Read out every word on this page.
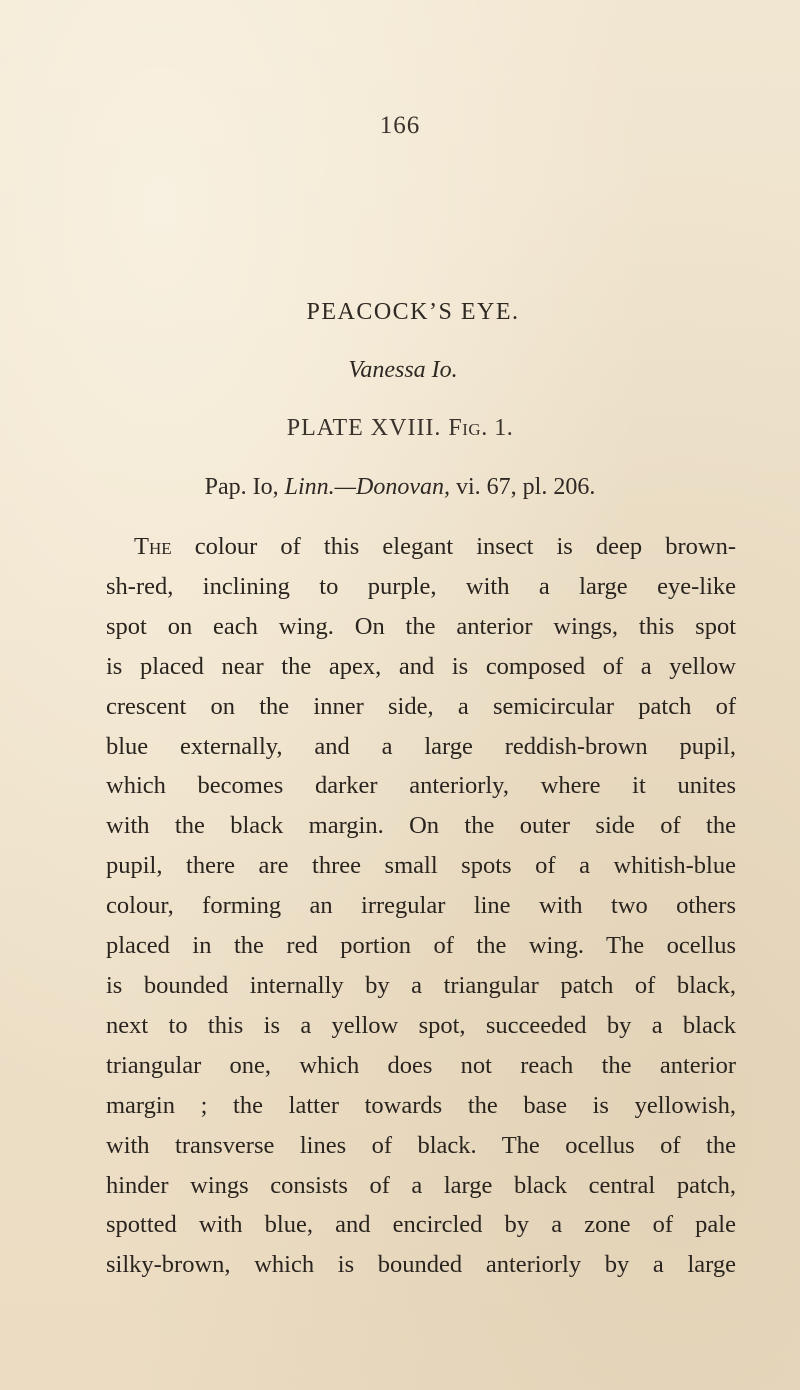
166
PEACOCK’S EYE.
Vanessa Io.
PLATE XVIII. Fig. 1.
Pap. Io, Linn.—Donovan, vi. 67, pl. 206.
The colour of this elegant insect is deep brown-
sh-red, inclining to purple, with a large eye-like
spot on each wing. On the anterior wings, this spot
is placed near the apex, and is composed of a yellow
crescent on the inner side, a semicircular patch of
blue externally, and a large reddish-brown pupil,
which becomes darker anteriorly, where it unites
with the black margin. On the outer side of the
pupil, there are three small spots of a whitish-blue
colour, forming an irregular line with two others
placed in the red portion of the wing. The ocellus
is bounded internally by a triangular patch of black,
next to this is a yellow spot, succeeded by a black
triangular one, which does not reach the anterior
margin ; the latter towards the base is yellowish,
with transverse lines of black. The ocellus of the
hinder wings consists of a large black central patch,
spotted with blue, and encircled by a zone of pale
silky-brown, which is bounded anteriorly by a large
